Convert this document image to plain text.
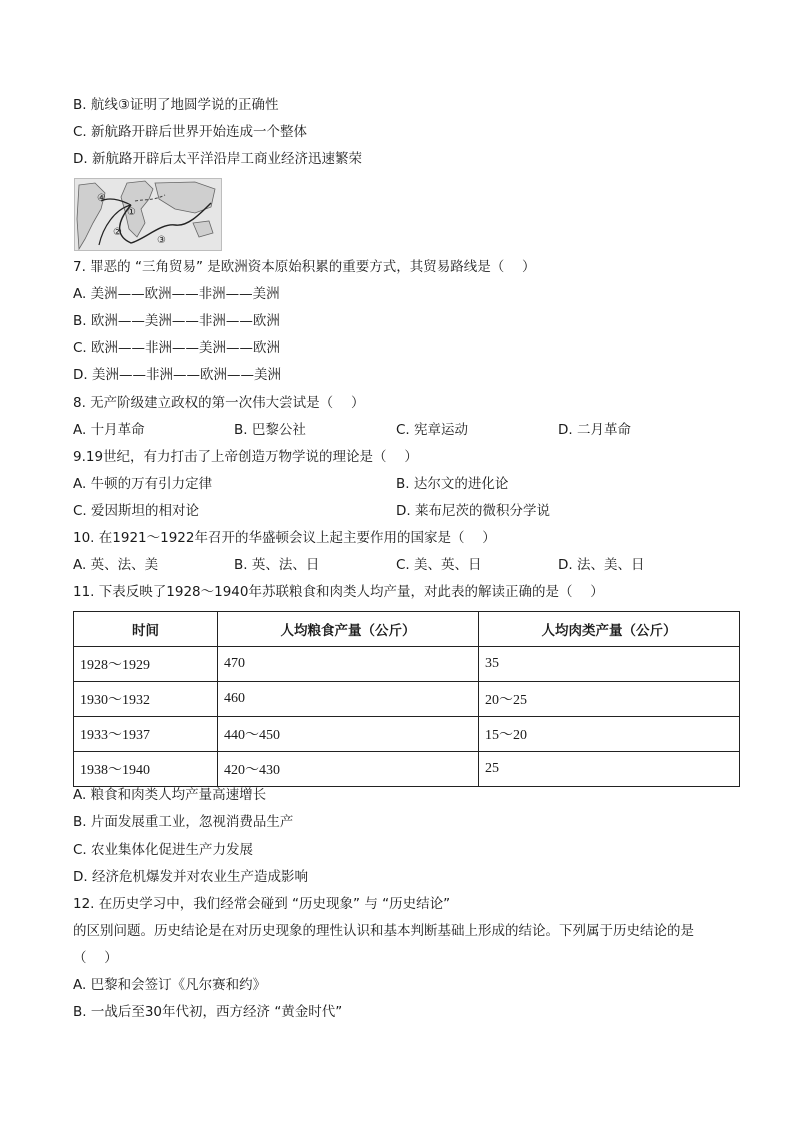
B. 航线③证明了地圆学说的正确性
C. 新航路开辟后世界开始连成一个整体
D. 新航路开辟后太平洋沿岸工商业经济迅速繁荣
①
②
③
④
7. 罪恶的 “三角贸易” 是欧洲资本原始积累的重要方式，其贸易路线是（　 ）
A. 美洲——欧洲——非洲——美洲
B. 欧洲——美洲——非洲——欧洲
C. 欧洲——非洲——美洲——欧洲
D. 美洲——非洲——欧洲——美洲
8. 无产阶级建立政权的第一次伟大尝试是（　 ）
A. 十月革命	B. 巴黎公社	C. 宪章运动	D. 二月革命
9.19世纪，有力打击了上帝创造万物学说的理论是（　 ）
A. 牛顿的万有引力定律	B. 达尔文的进化论
C. 爱因斯坦的相对论	D. 莱布尼茨的微积分学说
10. 在1921～1922年召开的华盛顿会议上起主要作用的国家是（　 ）
A. 英、法、美	B. 英、法、日	C. 美、英、日	D. 法、美、日
11. 下表反映了1928～1940年苏联粮食和肉类人均产量，对此表的解读正确的是（　 ）
时间	人均粮食产量（公斤）	人均肉类产量（公斤）
1928～1929	470	35
1930～1932	460	20～25
1933～1937	440～450	15～20
1938～1940	420～430	25
A. 粮食和肉类人均产量高速增长
B. 片面发展重工业，忽视消费品生产
C. 农业集体化促进生产力发展
D. 经济危机爆发并对农业生产造成影响
12. 在历史学习中，我们经常会碰到 “历史现象” 与 “历史结论”
的区别问题。历史结论是在对历史现象的理性认识和基本判断基础上形成的结论。下列属于历史结论的是
（　 ）
A. 巴黎和会签订《凡尔赛和约》
B. 一战后至30年代初，西方经济 “黄金时代”
